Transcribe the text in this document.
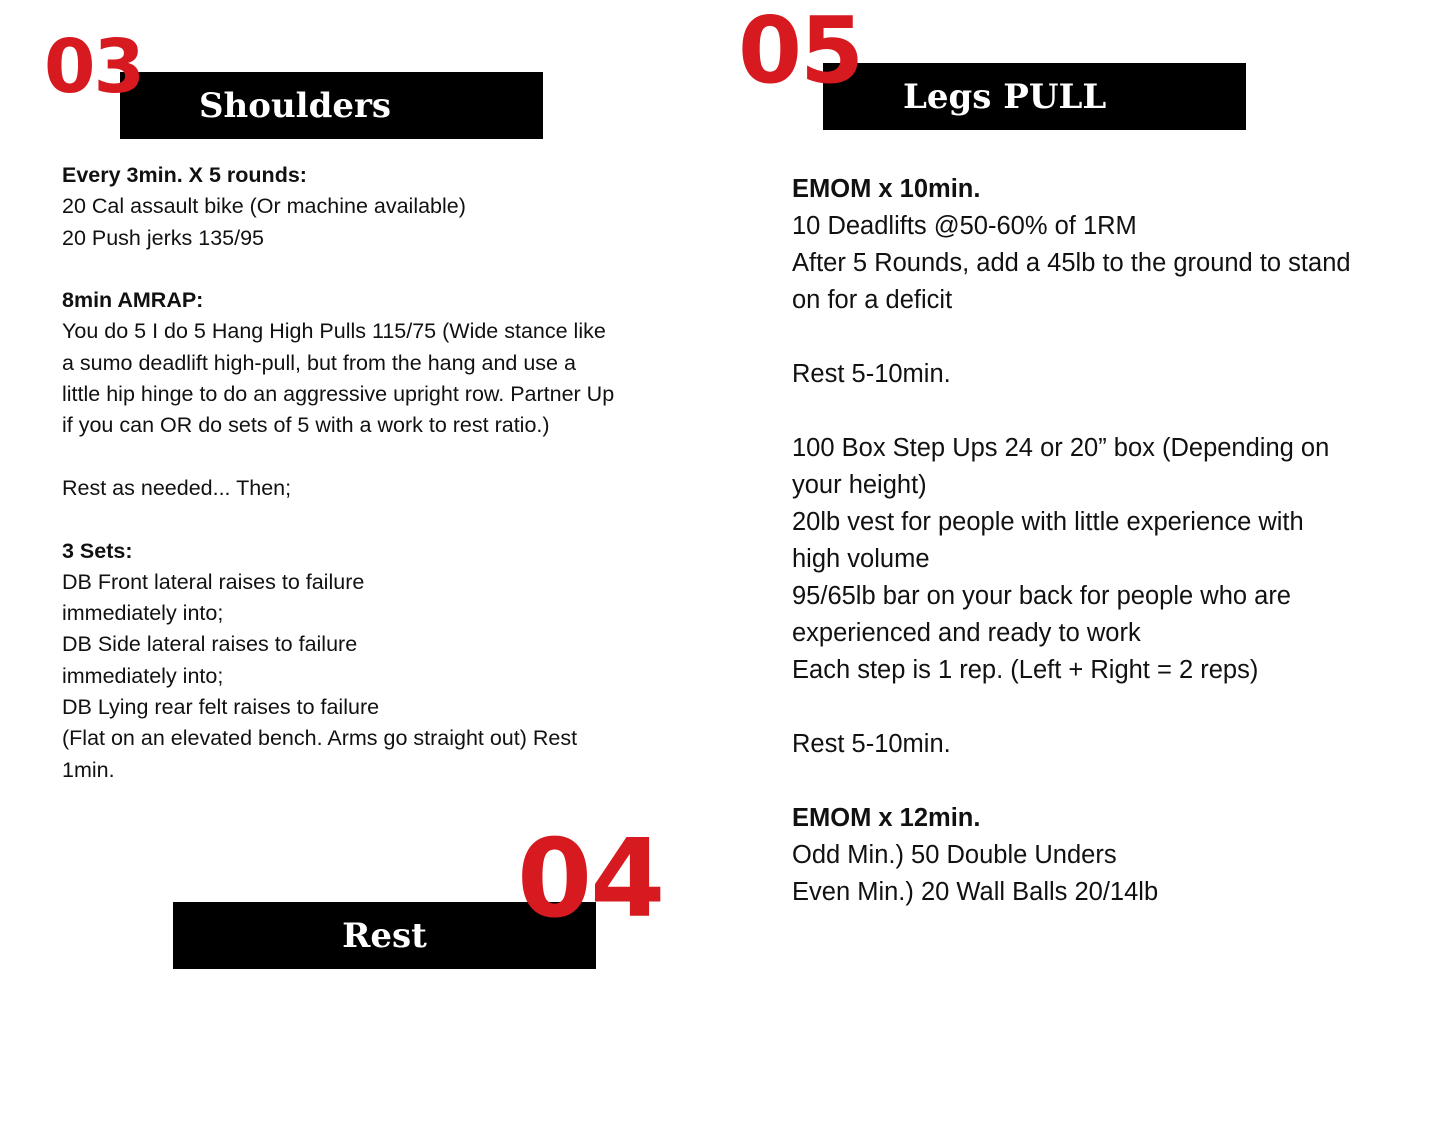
Shoulders
03
Every 3min. X 5 rounds:
20 Cal assault bike (Or machine available)
20 Push jerks 135/95
8min AMRAP:
You do 5 I do 5 Hang High Pulls 115/75 (Wide stance like
a sumo deadlift high-pull, but from the hang and use a
little hip hinge to do an aggressive upright row. Partner Up
if you can OR do sets of 5 with a work to rest ratio.)
Rest as needed... Then;
3 Sets:
DB Front lateral raises to failure
immediately into;
DB Side lateral raises to failure
immediately into;
DB Lying rear felt raises to failure
(Flat on an elevated bench. Arms go straight out) Rest
1min.
Rest 04
Legs PULL
05
EMOM x 10min.
10 Deadlifts @50-60% of 1RM
After 5 Rounds, add a 45lb to the ground to stand
on for a deficit
Rest 5-10min.
100 Box Step Ups 24 or 20” box (Depending on
your height)
20lb vest for people with little experience with
high volume
95/65lb bar on your back for people who are
experienced and ready to work
Each step is 1 rep. (Left + Right = 2 reps)
Rest 5-10min.
EMOM x 12min.
Odd Min.) 50 Double Unders
Even Min.) 20 Wall Balls 20/14lb
